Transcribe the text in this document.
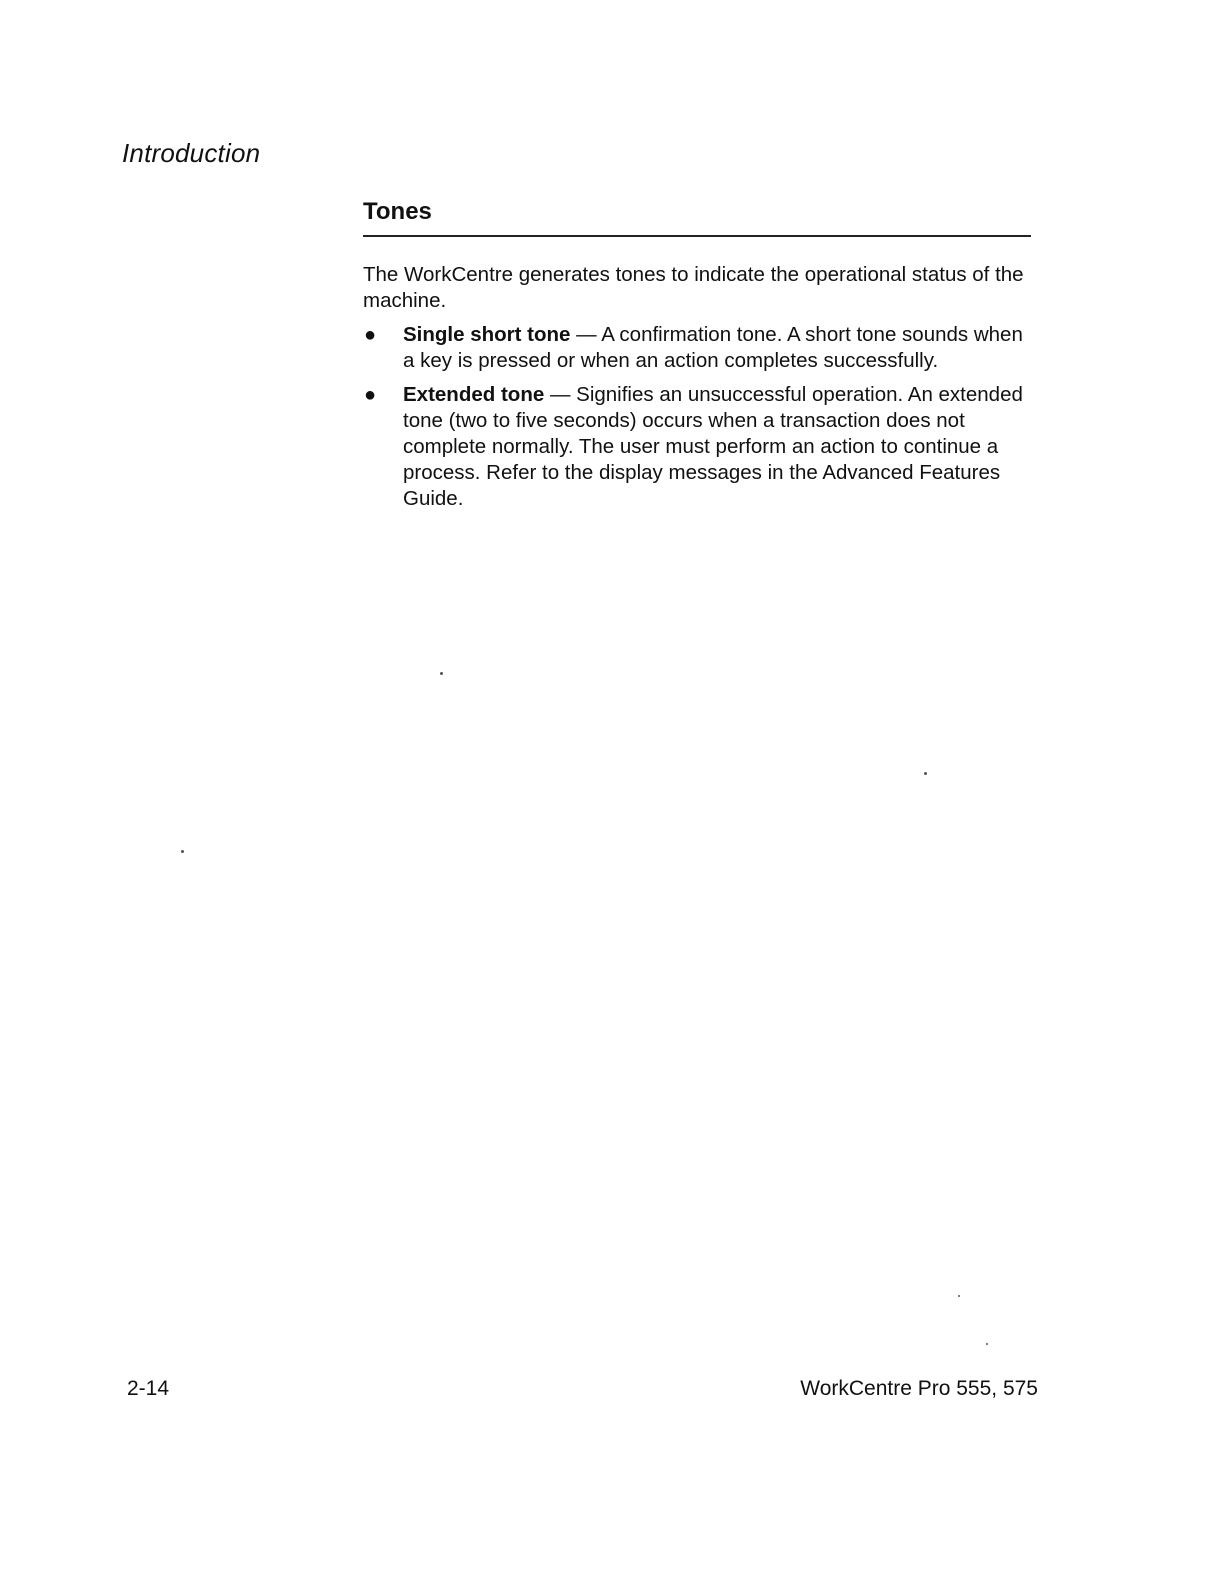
Introduction
Tones

The WorkCentre generates tones to indicate the operational status of the machine.

● Single short tone — A confirmation tone. A short tone sounds when a key is pressed or when an action completes successfully.
● Extended tone — Signifies an unsuccessful operation. An extended tone (two to five seconds) occurs when a transaction does not complete normally. The user must perform an action to continue a process. Refer to the display messages in the Advanced Features Guide.
2-14	WorkCentre Pro 555, 575
